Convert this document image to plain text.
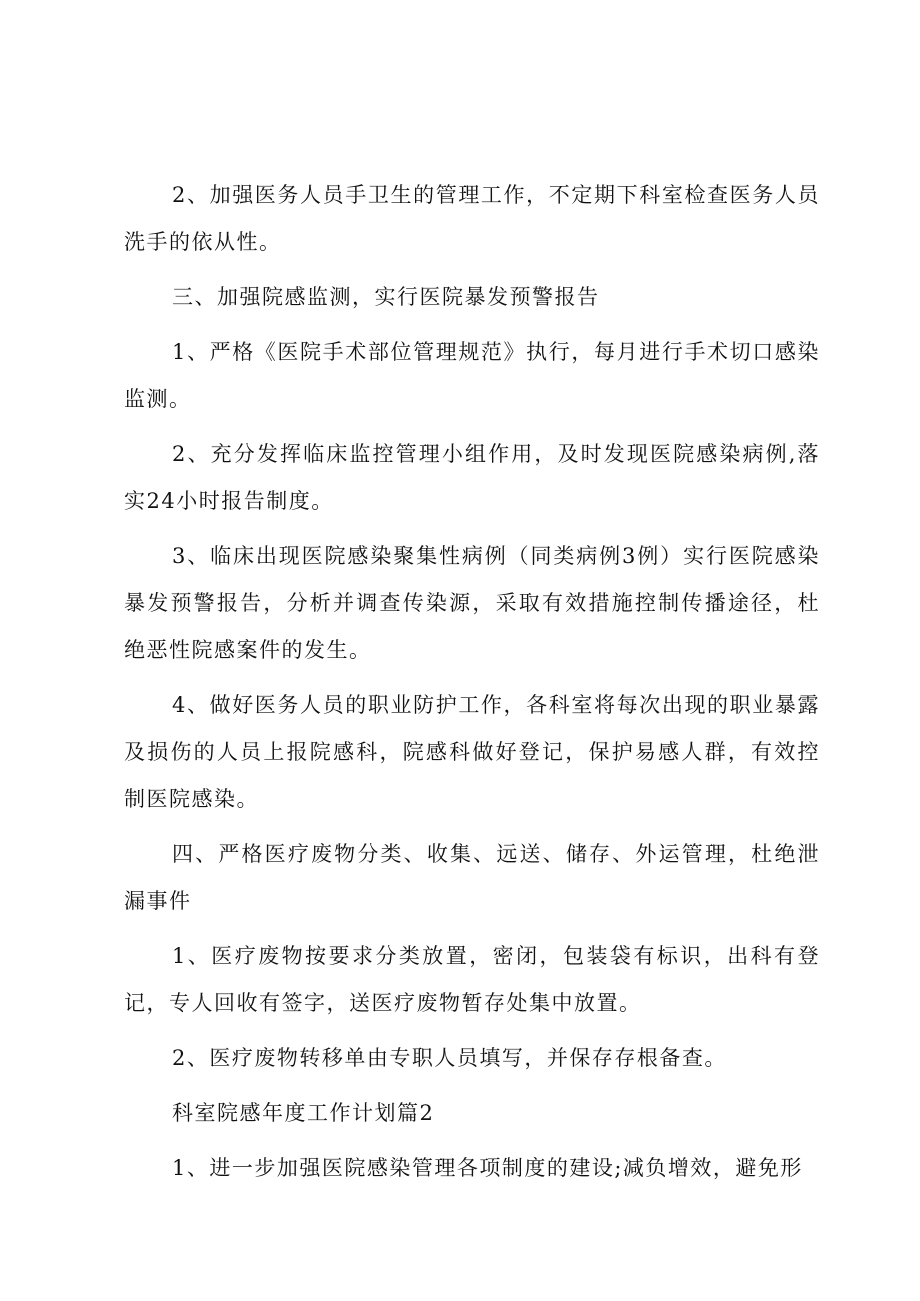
2、加强医务人员手卫生的管理工作，不定期下科室检查医务人员洗手的依从性。

三、加强院感监测，实行医院暴发预警报告

1、严格《医院手术部位管理规范》执行，每月进行手术切口感染监测。

2、充分发挥临床监控管理小组作用，及时发现医院感染病例,落实24小时报告制度。

3、临床出现医院感染聚集性病例（同类病例3例）实行医院感染暴发预警报告，分析并调查传染源，采取有效措施控制传播途径，杜绝恶性院感案件的发生。

4、做好医务人员的职业防护工作，各科室将每次出现的职业暴露及损伤的人员上报院感科，院感科做好登记，保护易感人群，有效控制医院感染。

四、严格医疗废物分类、收集、远送、储存、外运管理，杜绝泄漏事件

1、医疗废物按要求分类放置，密闭，包装袋有标识，出科有登记，专人回收有签字，送医疗废物暂存处集中放置。

2、医疗废物转移单由专职人员填写，并保存存根备查。

科室院感年度工作计划篇2

1、进一步加强医院感染管理各项制度的建设;减负增效，避免形
